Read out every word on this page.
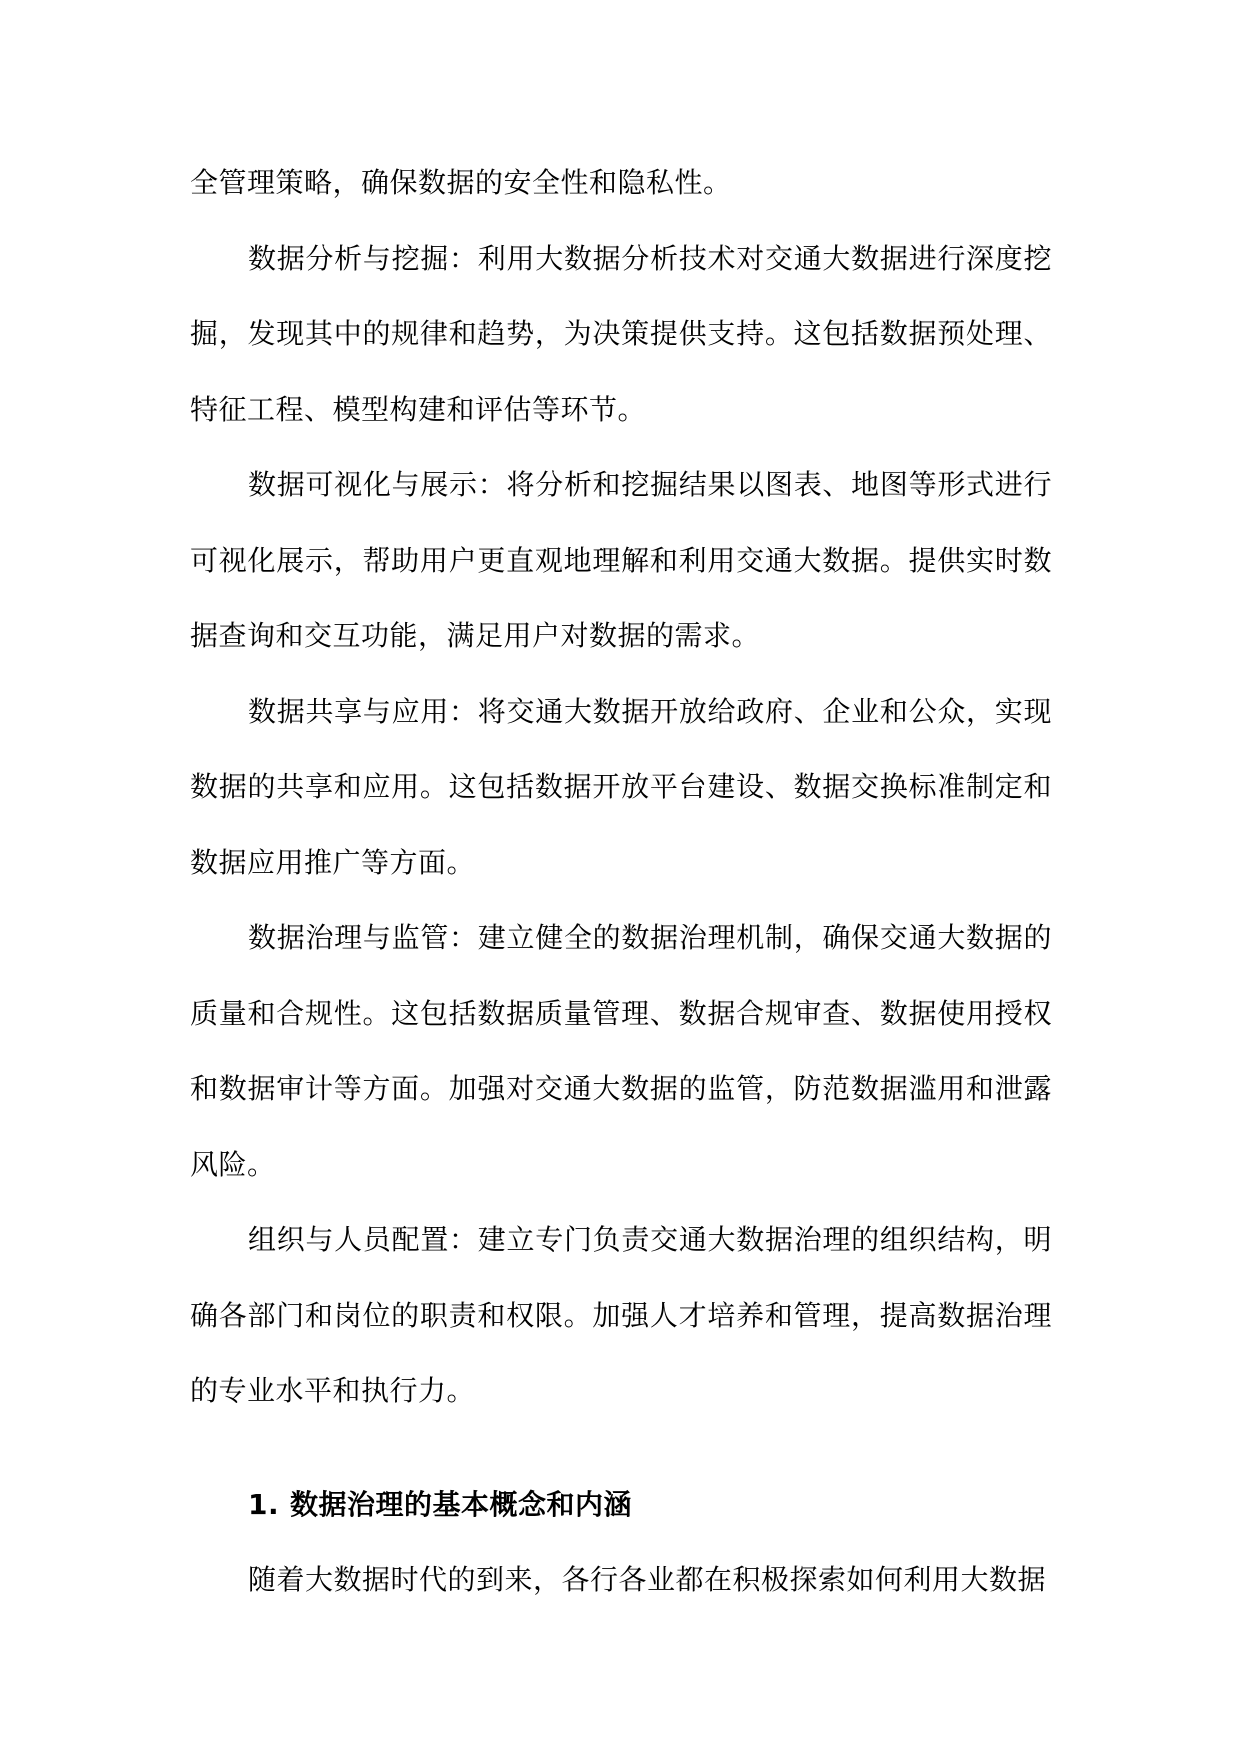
全管理策略，确保数据的安全性和隐私性。

数据分析与挖掘：利用大数据分析技术对交通大数据进行深度挖掘，发现其中的规律和趋势，为决策提供支持。这包括数据预处理、特征工程、模型构建和评估等环节。

数据可视化与展示：将分析和挖掘结果以图表、地图等形式进行可视化展示，帮助用户更直观地理解和利用交通大数据。提供实时数据查询和交互功能，满足用户对数据的需求。

数据共享与应用：将交通大数据开放给政府、企业和公众，实现数据的共享和应用。这包括数据开放平台建设、数据交换标准制定和数据应用推广等方面。

数据治理与监管：建立健全的数据治理机制，确保交通大数据的质量和合规性。这包括数据质量管理、数据合规审查、数据使用授权和数据审计等方面。加强对交通大数据的监管，防范数据滥用和泄露风险。

组织与人员配置：建立专门负责交通大数据治理的组织结构，明确各部门和岗位的职责和权限。加强人才培养和管理，提高数据治理的专业水平和执行力。

1. 数据治理的基本概念和内涵

随着大数据时代的到来，各行各业都在积极探索如何利用大数据
